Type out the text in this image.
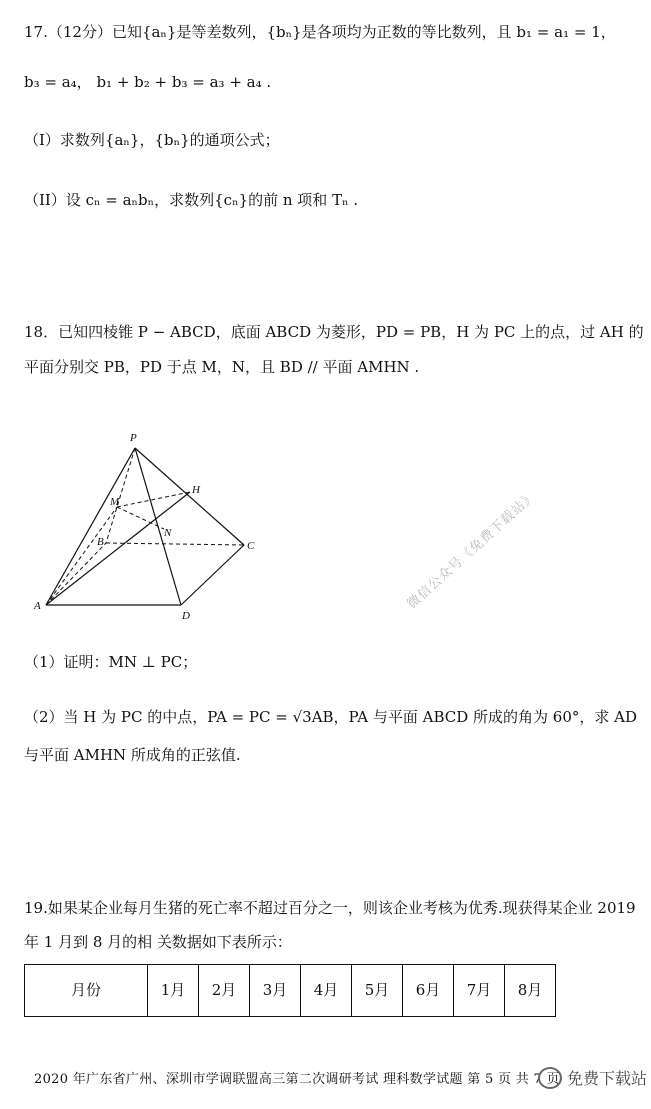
17.（12分）已知{aₙ}是等差数列，{bₙ}是各项均为正数的等比数列，且 b₁ = a₁ = 1，
b₃ = a₄， b₁ + b₂ + b₃ = a₃ + a₄ .
（I）求数列{aₙ}，{bₙ}的通项公式；
（II）设 cₙ = aₙbₙ，求数列{cₙ}的前 n 项和 Tₙ .
18．已知四棱锥 P − ABCD，底面 ABCD 为菱形，PD = PB，H 为 PC 上的点，过 AH 的
平面分别交 PB，PD 于点 M，N，且 BD // 平面 AMHN .
P
H
M
B
N
C
A
D
微信公众号《免费下载站》
（1）证明：MN ⊥ PC；
（2）当 H 为 PC 的中点，PA = PC = √3AB，PA 与平面 ABCD 所成的角为 60°，求 AD
与平面 AMHN 所成角的正弦值.
19.如果某企业每月生猪的死亡率不超过百分之一，则该企业考核为优秀.现获得某企业 2019
年 1 月到 8 月的相 关数据如下表所示：
月份	1月	2月	3月	4月	5月	6月	7月	8月
2020 年广东省广州、深圳市学调联盟高三第二次调研考试 理科数学试题 第 5 页 共 7 页 免费下载站
